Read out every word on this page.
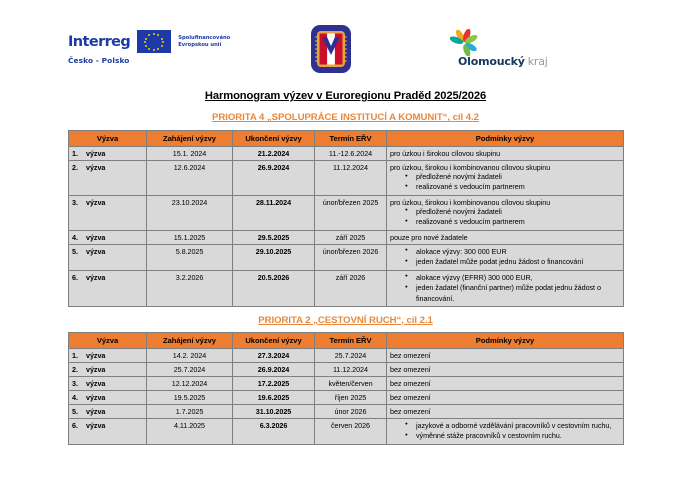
Interreg	Spolufinancováno
Evropskou unií
Česko - Polsko	Olomoucký kraj
Harmonogram výzev v Euroregionu Praděd 2025/2026
PRIORITA 4 „SPOLUPRÁCE INSTITUCÍ A KOMUNIT“, cíl 4.2
Výzva	Zahájení výzvy	Ukončení výzvy	Termín EŘV	Podmínky výzvy
1. výzva	15.1. 2024	21.2.2024	11.-12.6.2024	pro úzkou i širokou cílovou skupinu

2. výzva	12.6.2024	26.9.2024	11.12.2024	pro úzkou, širokou i kombinovanou cílovou skupinu
● předložené novými žadateli
● realizované s vedoucím partnerem

3. výzva	23.10.2024	28.11.2024	únor/březen 2025	pro úzkou, širokou i kombinovanou cílovou skupinu
● předložené novými žadateli
● realizované s vedoucím partnerem

4. výzva	15.1.2025	29.5.2025	září 2025	pouze pro nové žadatele

5. výzva	5.8.2025	29.10.2025	únor/březen 2026	
●alokace výzvy: 300 000 EUR
● jeden žadatel může podat jednu žádost o financování

6. výzva	3.2.2026	20.5.2026	září 2026	
●alokace výzvy (EFRR) 300 000 EUR,
● jeden žadatel (finanční partner) může podat jednu žádost o financování.
PRIORITA 2 „CESTOVNÍ RUCH“, cíl 2.1
Výzva	Zahájení výzvy	Ukončení výzvy	Termín EŘV	Podmínky výzvy
1. výzva	14.2. 2024	27.3.2024	25.7.2024	bez omezení

2. výzva	25.7.2024	26.9.2024	11.12.2024	bez omezení

3. výzva	12.12.2024	17.2.2025	květen/červen	bez omezení

4. výzva	19.5.2025	19.6.2025	říjen 2025	bez omezení

5. výzva	1.7.2025	31.10.2025	únor 2026	bez omezení

6. výzva	4.11.2025	6.3.2026	červen 2026	
●jazykové a odborné vzdělávání pracovníků v cestovním ruchu,
● výměnné stáže pracovníků v cestovním ruchu.
